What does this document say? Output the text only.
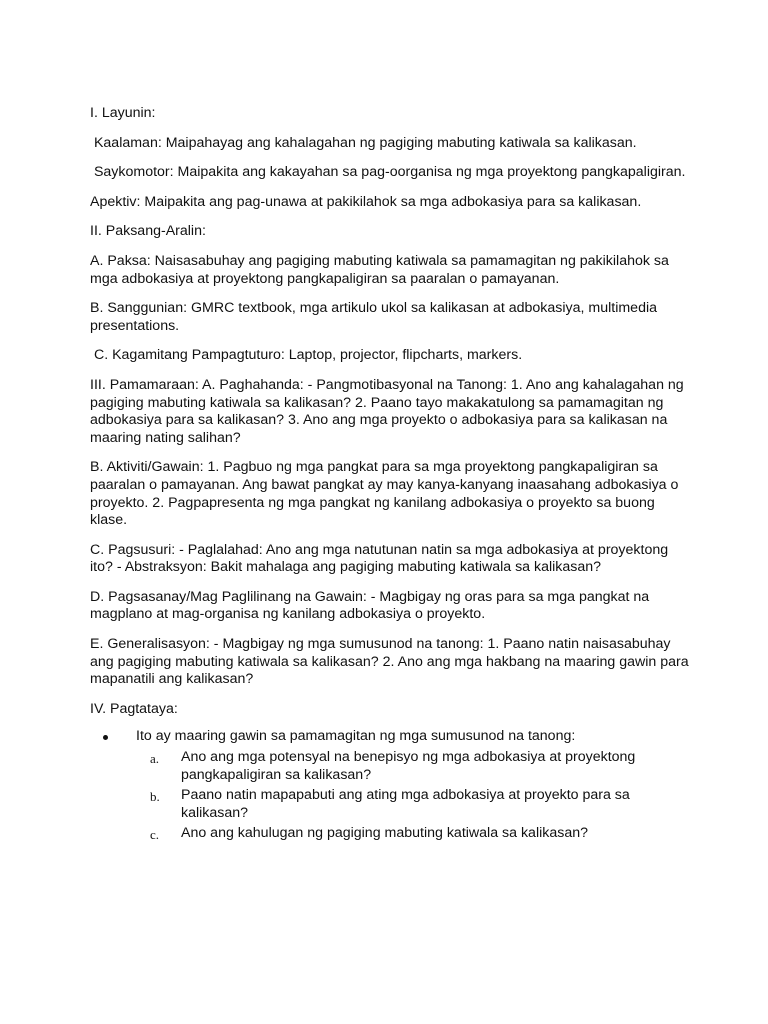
I. Layunin:

Kaalaman: Maipahayag ang kahalagahan ng pagiging mabuting katiwala sa kalikasan.

Saykomotor: Maipakita ang kakayahan sa pag-oorganisa ng mga proyektong pangkapaligiran.

Apektiv: Maipakita ang pag-unawa at pakikilahok sa mga adbokasiya para sa kalikasan.

II. Paksang-Aralin:

A. Paksa: Naisasabuhay ang pagiging mabuting katiwala sa pamamagitan ng pakikilahok sa mga adbokasiya at proyektong pangkapaligiran sa paaralan o pamayanan.

B. Sanggunian: GMRC textbook, mga artikulo ukol sa kalikasan at adbokasiya, multimedia presentations.

C. Kagamitang Pampagtuturo: Laptop, projector, flipcharts, markers.

III. Pamamaraan: A. Paghahanda: - Pangmotibasyonal na Tanong: 1. Ano ang kahalagahan ng pagiging mabuting katiwala sa kalikasan? 2. Paano tayo makakatulong sa pamamagitan ng adbokasiya para sa kalikasan? 3. Ano ang mga proyekto o adbokasiya para sa kalikasan na maaring nating salihan?

B. Aktiviti/Gawain: 1. Pagbuo ng mga pangkat para sa mga proyektong pangkapaligiran sa paaralan o pamayanan. Ang bawat pangkat ay may kanya-kanyang inaasahang adbokasiya o proyekto. 2. Pagpapresenta ng mga pangkat ng kanilang adbokasiya o proyekto sa buong klase.

C. Pagsusuri: - Paglalahad: Ano ang mga natutunan natin sa mga adbokasiya at proyektong ito? - Abstraksyon: Bakit mahalaga ang pagiging mabuting katiwala sa kalikasan?

D. Pagsasanay/Mag Paglilinang na Gawain: - Magbigay ng oras para sa mga pangkat na magplano at mag-organisa ng kanilang adbokasiya o proyekto.

E. Generalisasyon: - Magbigay ng mga sumusunod na tanong: 1. Paano natin naisasabuhay ang pagiging mabuting katiwala sa kalikasan? 2. Ano ang mga hakbang na maaring gawin para mapanatili ang kalikasan?

IV. Pagtataya:

Ito ay maaring gawin sa pamamagitan ng mga sumusunod na tanong:
a. Ano ang mga potensyal na benepisyo ng mga adbokasiya at proyektong pangkapaligiran sa kalikasan?
b. Paano natin mapapabuti ang ating mga adbokasiya at proyekto para sa kalikasan?
c. Ano ang kahulugan ng pagiging mabuting katiwala sa kalikasan?
